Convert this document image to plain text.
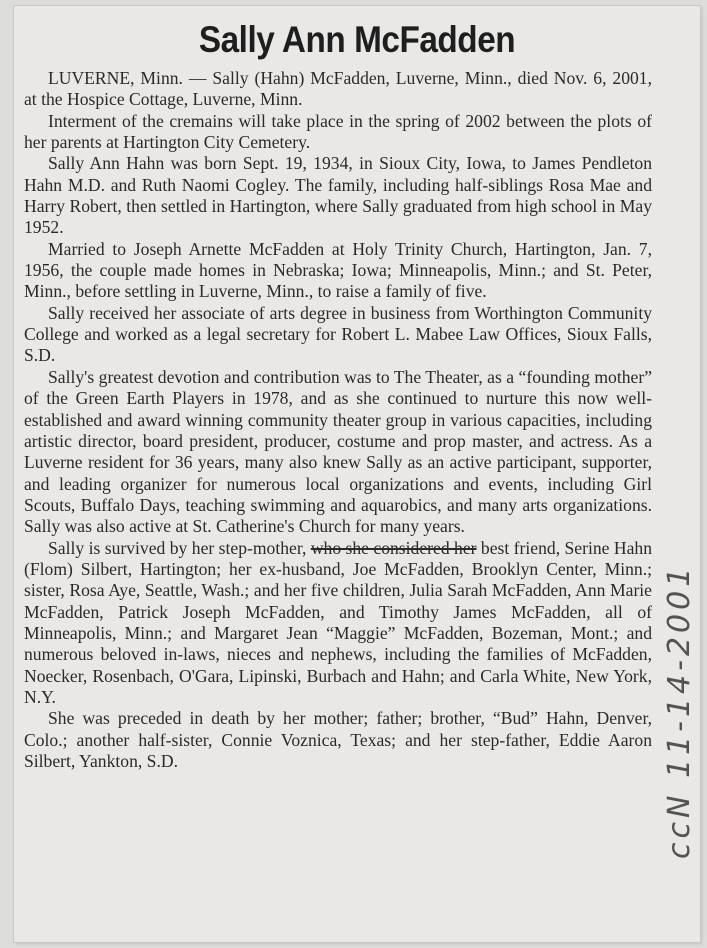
Sally Ann McFadden

LUVERNE, Minn. — Sally (Hahn) McFadden, Luverne, Minn., died Nov. 6, 2001, at the Hospice Cottage, Luverne, Minn.

Interment of the cremains will take place in the spring of 2002 between the plots of her parents at Hartington City Cemetery.

Sally Ann Hahn was born Sept. 19, 1934, in Sioux City, Iowa, to James Pendleton Hahn M.D. and Ruth Naomi Cogley. The family, including half-siblings Rosa Mae and Harry Robert, then settled in Hartington, where Sally graduated from high school in May 1952.

Married to Joseph Arnette McFadden at Holy Trinity Church, Hartington, Jan. 7, 1956, the couple made homes in Nebraska; Iowa; Minneapolis, Minn.; and St. Peter, Minn., before settling in Luverne, Minn., to raise a family of five.

Sally received her associate of arts degree in business from Worthington Community College and worked as a legal secretary for Robert L. Mabee Law Offices, Sioux Falls, S.D.

Sally's greatest devotion and contribution was to The Theater, as a “founding mother” of the Green Earth Players in 1978, and as she continued to nurture this now well-established and award winning community theater group in various capacities, including artistic director, board president, producer, costume and prop master, and actress. As a Luverne resident for 36 years, many also knew Sally as an active participant, supporter, and leading organizer for numerous local organizations and events, including Girl Scouts, Buffalo Days, teaching swimming and aquarobics, and many arts organizations. Sally was also active at St. Catherine's Church for many years.

Sally is survived by her step-mother, who she considered her best friend, Serine Hahn (Flom) Silbert, Hartington; her ex-husband, Joe McFadden, Brooklyn Center, Minn.; sister, Rosa Aye, Seattle, Wash.; and her five children, Julia Sarah McFadden, Ann Marie McFadden, Patrick Joseph McFadden, and Timothy James McFadden, all of Minneapolis, Minn.; and Margaret Jean “Maggie” McFadden, Bozeman, Mont.; and numerous beloved in-laws, nieces and nephews, including the families of McFadden, Noecker, Rosenbach, O'Gara, Lipinski, Burbach and Hahn; and Carla White, New York, N.Y.

She was preceded in death by her mother; father; brother, “Bud” Hahn, Denver, Colo.; another half-sister, Connie Voznica, Texas; and her step-father, Eddie Aaron Silbert, Yankton, S.D.	ccN 11-14-2001
